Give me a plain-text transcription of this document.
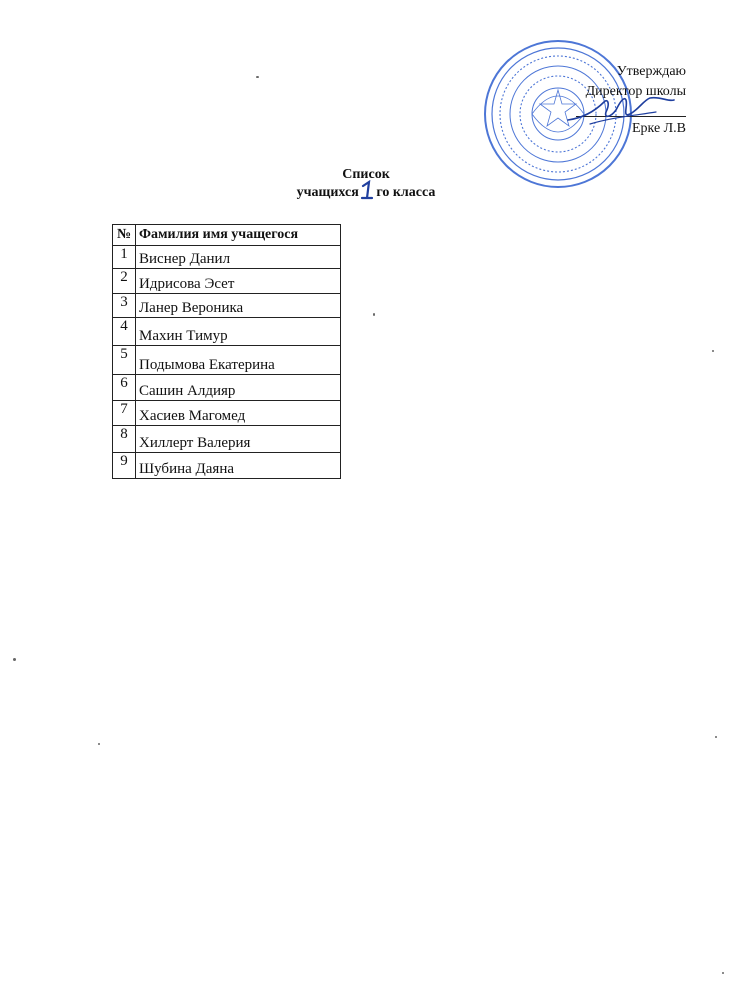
Утверждаю
Директор школы
Ерке Л.В
Список
учащихся
го класса
№	Фамилия имя учащегося
1	Виснер Данил
2	Идрисова Эсет
3	Ланер Вероника
4	Махин Тимур
5	Подымова Екатерина
6	Сашин Алдияр
7	Хасиев Магомед
8	Хиллерт Валерия
9	Шубина Даяна
